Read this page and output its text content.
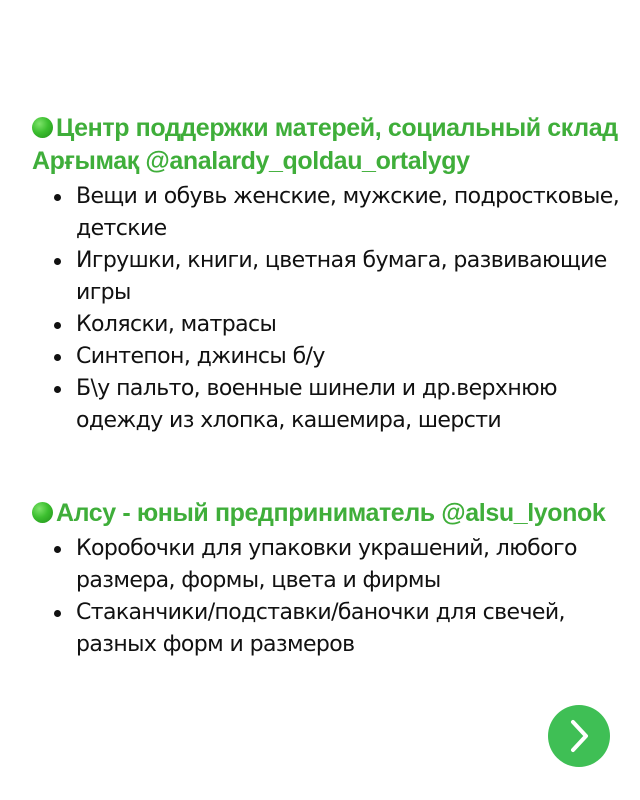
Центр поддержки матерей, социальный склад Арғымақ @analardy_qoldau_ortalygy

Вещи и обувь женские, мужские, подростковые, детские
Игрушки, книги, цветная бумага, развивающие игры
Коляски, матрасы
Синтепон, джинсы б/у
Б\у пальто, военные шинели и др.верхнюю одежду из хлопка, кашемира, шерсти

Алсу - юный предприниматель @alsu_lyonok

Коробочки для упаковки украшений, любого размера, формы, цвета и фирмы
Стаканчики/подставки/баночки для свечей, разных форм и размеров
